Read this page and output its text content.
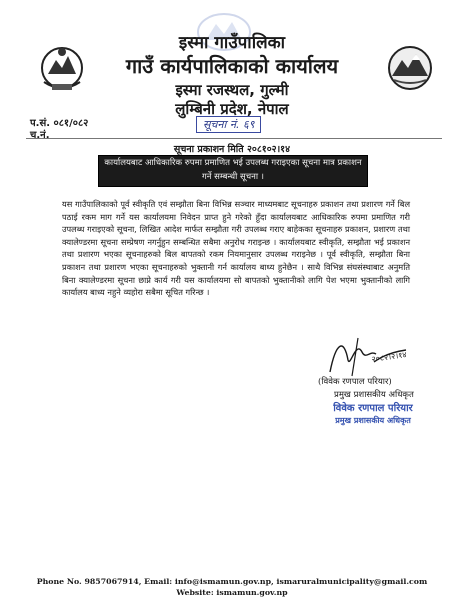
इस्मा गाउँपालिका
गाउँ कार्यपालिकाको कार्यालय
इस्मा रजस्थल, गुल्मी
लुम्बिनी प्रदेश, नेपाल
प.सं. ०८१/०८२
च.नं.
सूचना नं. ६९
सूचना प्रकाशन मिति २०८१०२।१४
कार्यालयबाट आधिकारिक रुपमा प्रमाणित भई उपलब्ध गराइएका सूचना मात्र प्रकाशन गर्ने सम्बन्धी सूचना ।
यस गाउँपालिकाको पूर्व स्वीकृति एवं सम्झौता बिना विभिन्न सञ्चार माध्यमबाट सूचनाहरु प्रकाशन तथा प्रशारण गर्ने बिल पठाई रकम माग गर्ने यस कार्यालयमा निवेदन प्राप्त हुने गरेको हुँदा कार्यालयबाट आधिकारिक रुपमा प्रमाणित गरी उपलब्ध गराइएको सूचना, लिखित आदेश मार्फत सम्झौता गरी उपलब्ध गराए बाहेकका सूचनाहरु प्रकाशन, प्रशारण तथा क्यालेण्डरमा सूचना सम्प्रेषण नगर्नुहुन सम्बन्धित सबैमा अनुरोध गराइन्छ । कार्यालयबाट स्वीकृति, सम्झौता भई प्रकाशन तथा प्रशारण भएका सूचनाहरुको बिल बापतको रकम नियमानुसार उपलब्ध गराइनेछ । पूर्व स्वीकृति, सम्झौता बिना प्रकाशन तथा प्रशारण भएका सूचनाहरुको भुक्तानी गर्न कार्यालय बाध्य हुनेछैन । साथै विभिन्न संघसंस्थाबाट अनुमति बिना क्यालेण्डरमा सूचना छाप्ने कार्य गरी यस कार्यालयमा सो बापतको भुक्तानीको लागि पेश भएमा भुक्तानीको लागि कार्यालय बाध्य नहुने व्यहोरा सबैमा सूचित गरिन्छ ।
२०८२।२।१४
(विवेक रणपाल परियार)
प्रमुख प्रशासकीय अधिकृत
विवेक रणपाल परियार
प्रमुख प्रशासकीय अधिकृत
Phone No. 9857067914, Email: info@ismamun.gov.np, ismaruralmunicipality@gmail.com
Website: ismamun.gov.np
